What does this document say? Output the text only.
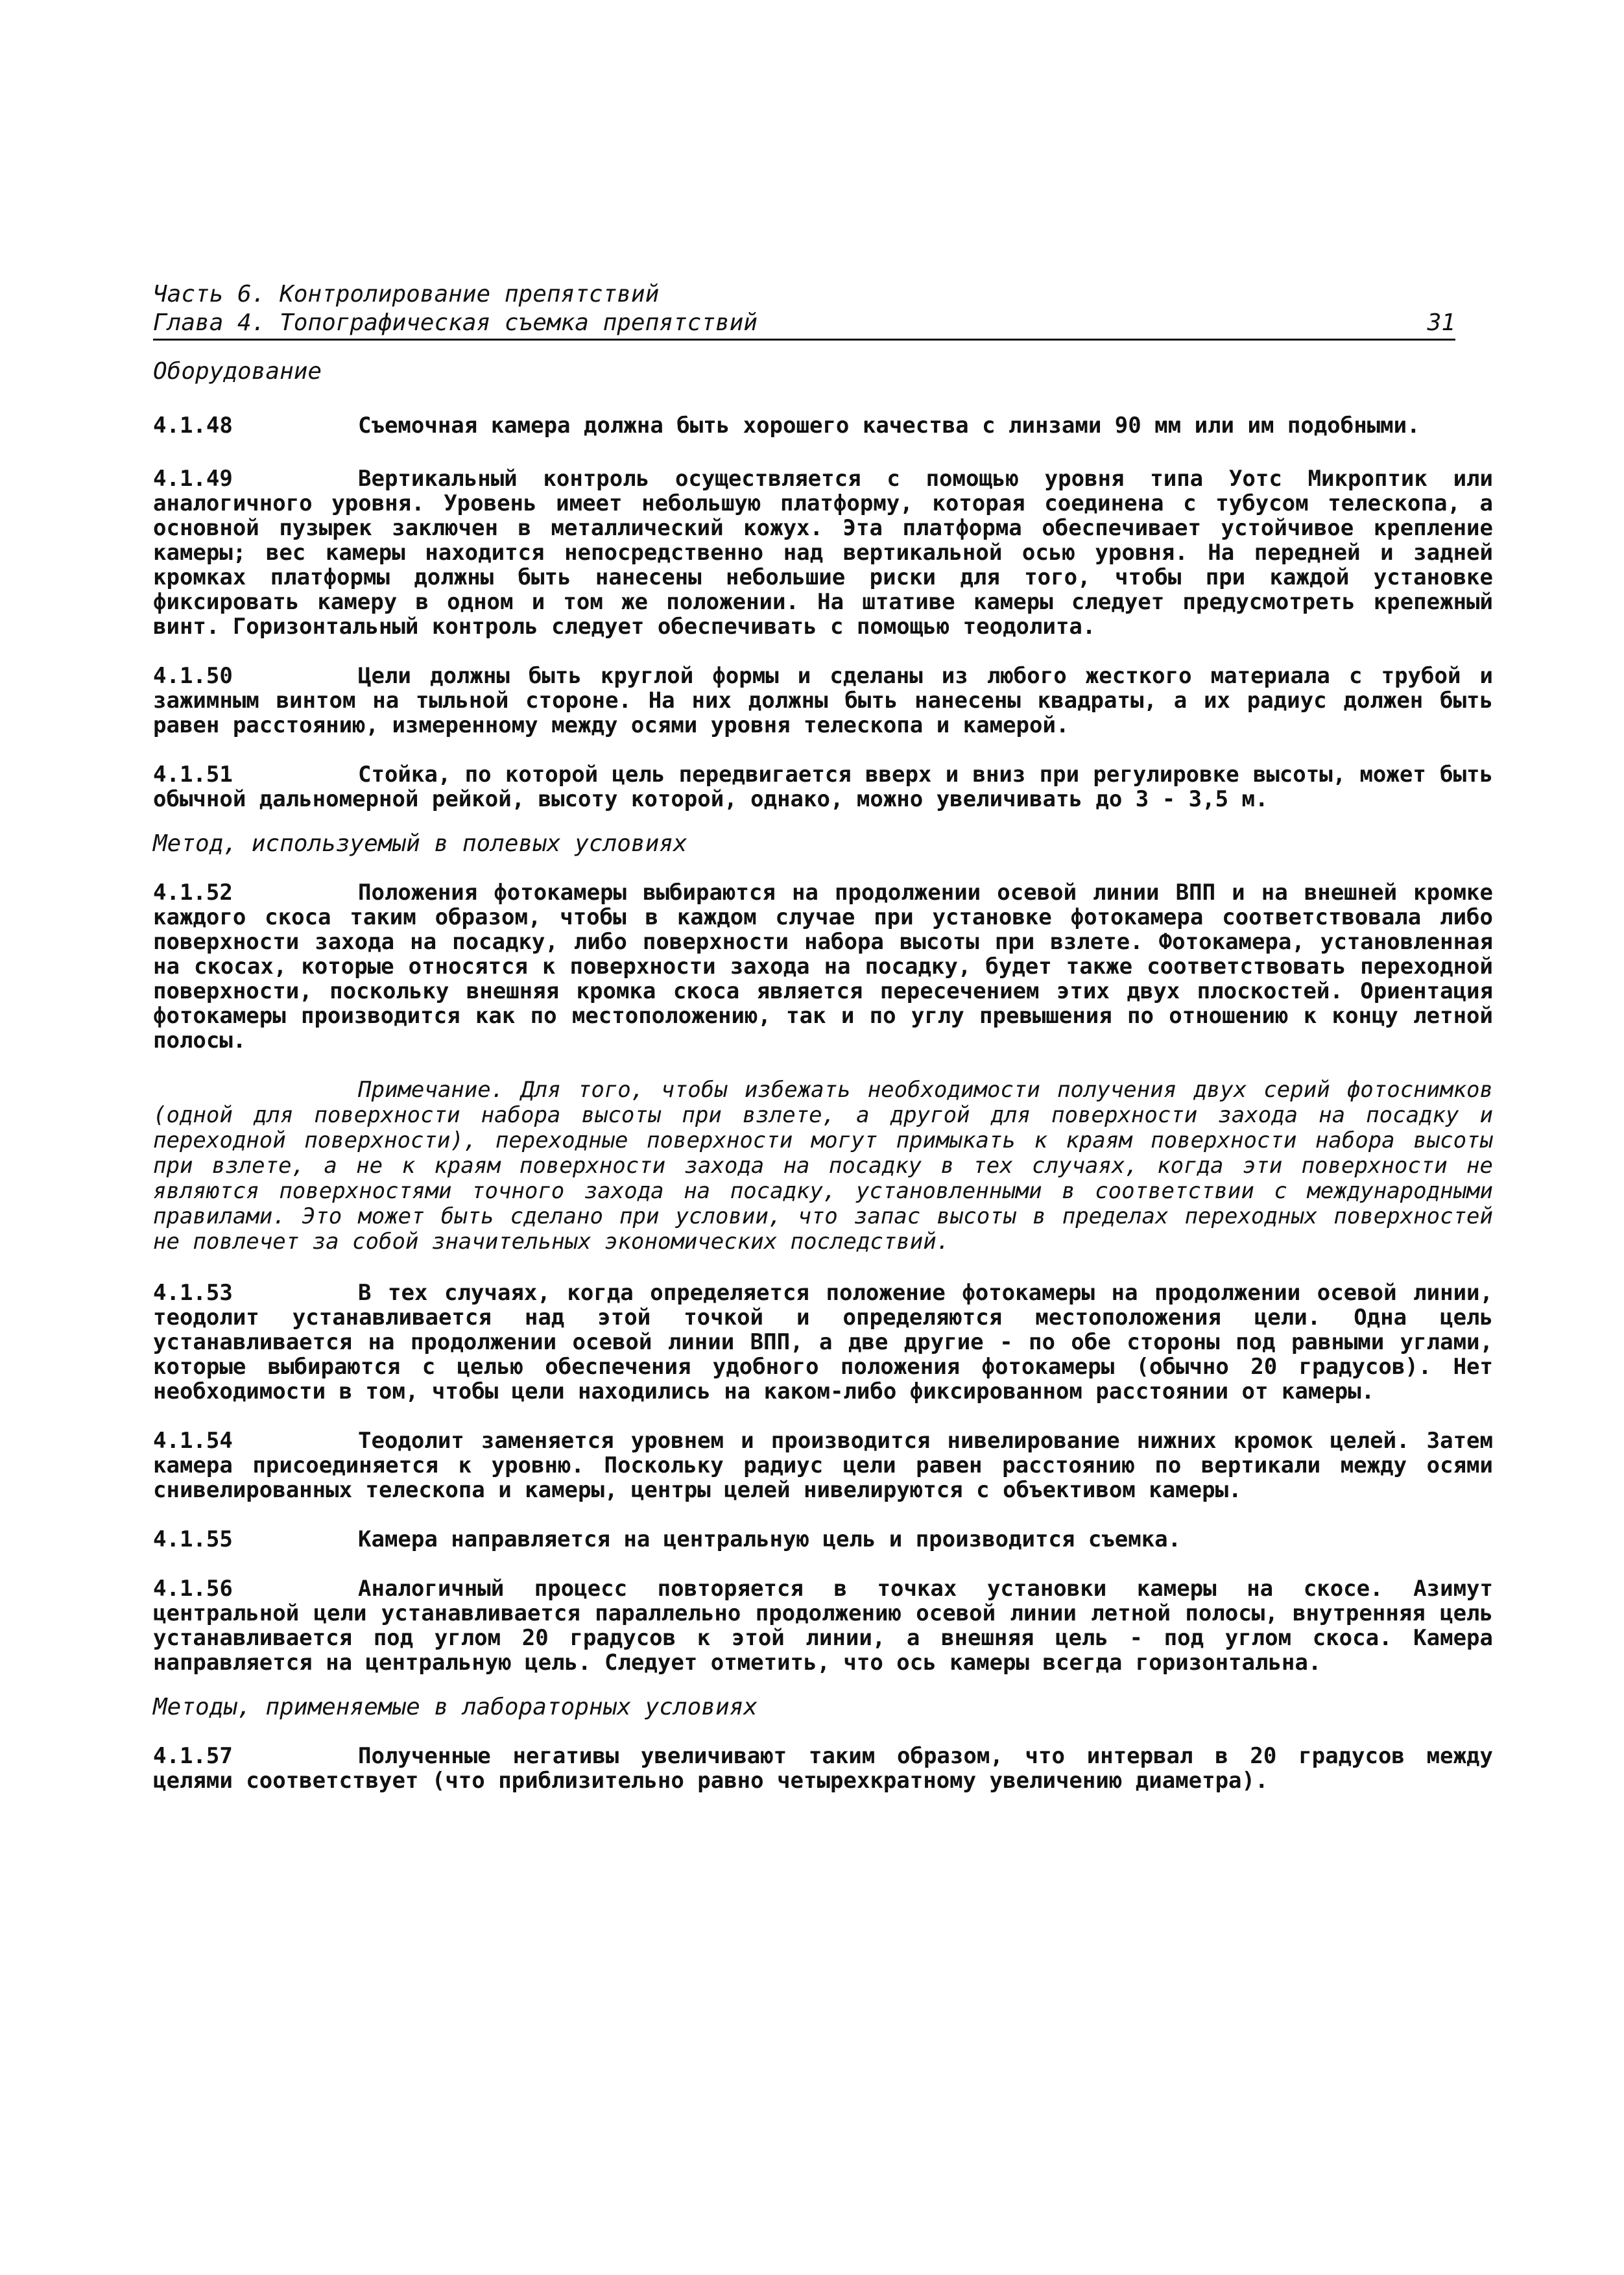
Часть 6. Контролирование препятствий
Глава 4. Топографическая съемка препятствий	31
Оборудование
4.1.48	Съемочная камера должна быть хорошего качества с линзами 90 мм или им подобными.
4.1.49	Вертикальный контроль осуществляется с помощью уровня типа Уотс Микроптик или аналогичного уровня. Уровень имеет небольшую платформу, которая соединена с тубусом телескопа, а основной пузырек заключен в металлический кожух. Эта платформа обеспечивает устойчивое крепление камеры; вес камеры находится непосредственно над вертикальной осью уровня. На передней и задней кромках платформы должны быть нанесены небольшие риски для того, чтобы при каждой установке фиксировать камеру в одном и том же положении. На штативе камеры следует предусмотреть крепежный винт. Горизонтальный контроль следует обеспечивать с помощью теодолита.
4.1.50	Цели должны быть круглой формы и сделаны из любого жесткого материала с трубой и зажимным винтом на тыльной стороне. На них должны быть нанесены квадраты, а их радиус должен быть равен расстоянию, измеренному между осями уровня телескопа и камерой.
4.1.51	Стойка, по которой цель передвигается вверх и вниз при регулировке высоты, может быть обычной дальномерной рейкой, высоту которой, однако, можно увеличивать до 3 - 3,5 м.
Метод, используемый в полевых условиях
4.1.52	Положения фотокамеры выбираются на продолжении осевой линии ВПП и на внешней кромке каждого скоса таким образом, чтобы в каждом случае при установке фотокамера соответствовала либо поверхности захода на посадку, либо поверхности набора высоты при взлете. Фотокамера, установленная на скосах, которые относятся к поверхности захода на посадку, будет также соответствовать переходной поверхности, поскольку внешняя кромка скоса является пересечением этих двух плоскостей. Ориентация фотокамеры производится как по местоположению, так и по углу превышения по отношению к концу летной полосы.
Примечание. Для того, чтобы избежать необходимости получения двух серий фотоснимков (одной для поверхности набора высоты при взлете, а другой для поверхности захода на посадку и переходной поверхности), переходные поверхности могут примыкать к краям поверхности набора высоты при взлете, а не к краям поверхности захода на посадку в тех случаях, когда эти поверхности не являются поверхностями точного захода на посадку, установленными в соответствии с международными правилами. Это может быть сделано при условии, что запас высоты в пределах переходных поверхностей не повлечет за собой значительных экономических последствий.
4.1.53	В тех случаях, когда определяется положение фотокамеры на продолжении осевой линии, теодолит устанавливается над этой точкой и определяются местоположения цели. Одна цель устанавливается на продолжении осевой линии ВПП, а две другие - по обе стороны под равными углами, которые выбираются с целью обеспечения удобного положения фотокамеры (обычно 20 градусов). Нет необходимости в том, чтобы цели находились на каком-либо фиксированном расстоянии от камеры.
4.1.54	Теодолит заменяется уровнем и производится нивелирование нижних кромок целей. Затем камера присоединяется к уровню. Поскольку радиус цели равен расстоянию по вертикали между осями снивелированных телескопа и камеры, центры целей нивелируются с объективом камеры.
4.1.55	Камера направляется на центральную цель и производится съемка.
4.1.56	Аналогичный процесс повторяется в точках установки камеры на скосе. Азимут центральной цели устанавливается параллельно продолжению осевой линии летной полосы, внутренняя цель устанавливается под углом 20 градусов к этой линии, а внешняя цель - под углом скоса. Камера направляется на центральную цель. Следует отметить, что ось камеры всегда горизонтальна.
Методы, применяемые в лабораторных условиях
4.1.57	Полученные негативы увеличивают таким образом, что интервал в 20 градусов между целями соответствует (что приблизительно равно четырехкратному увеличению диаметра).
